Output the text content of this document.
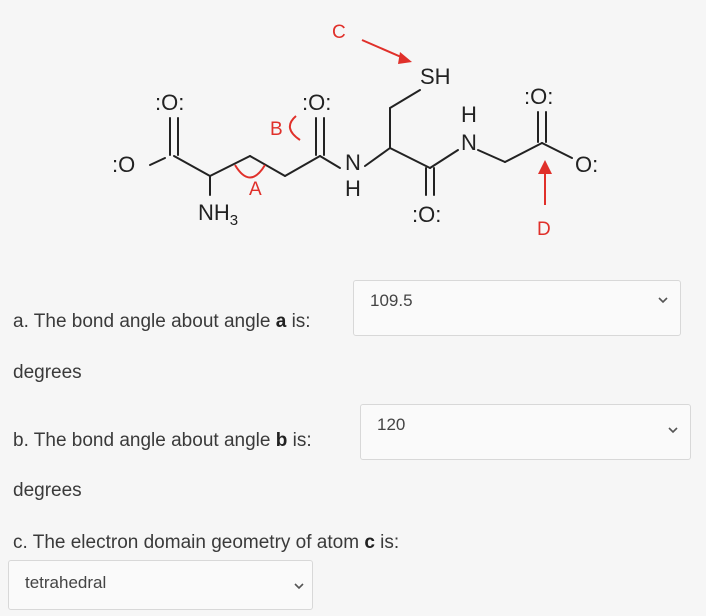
:O:
:O
$NH_3$
:O:
N
H
SH
:O:
N
H
:O:
O:
A
B
C
D
a. The bond angle about angle a is:
109.5
degrees
b. The bond angle about angle b is:
120
degrees
c. The electron domain geometry of atom c is:
tetrahedral
